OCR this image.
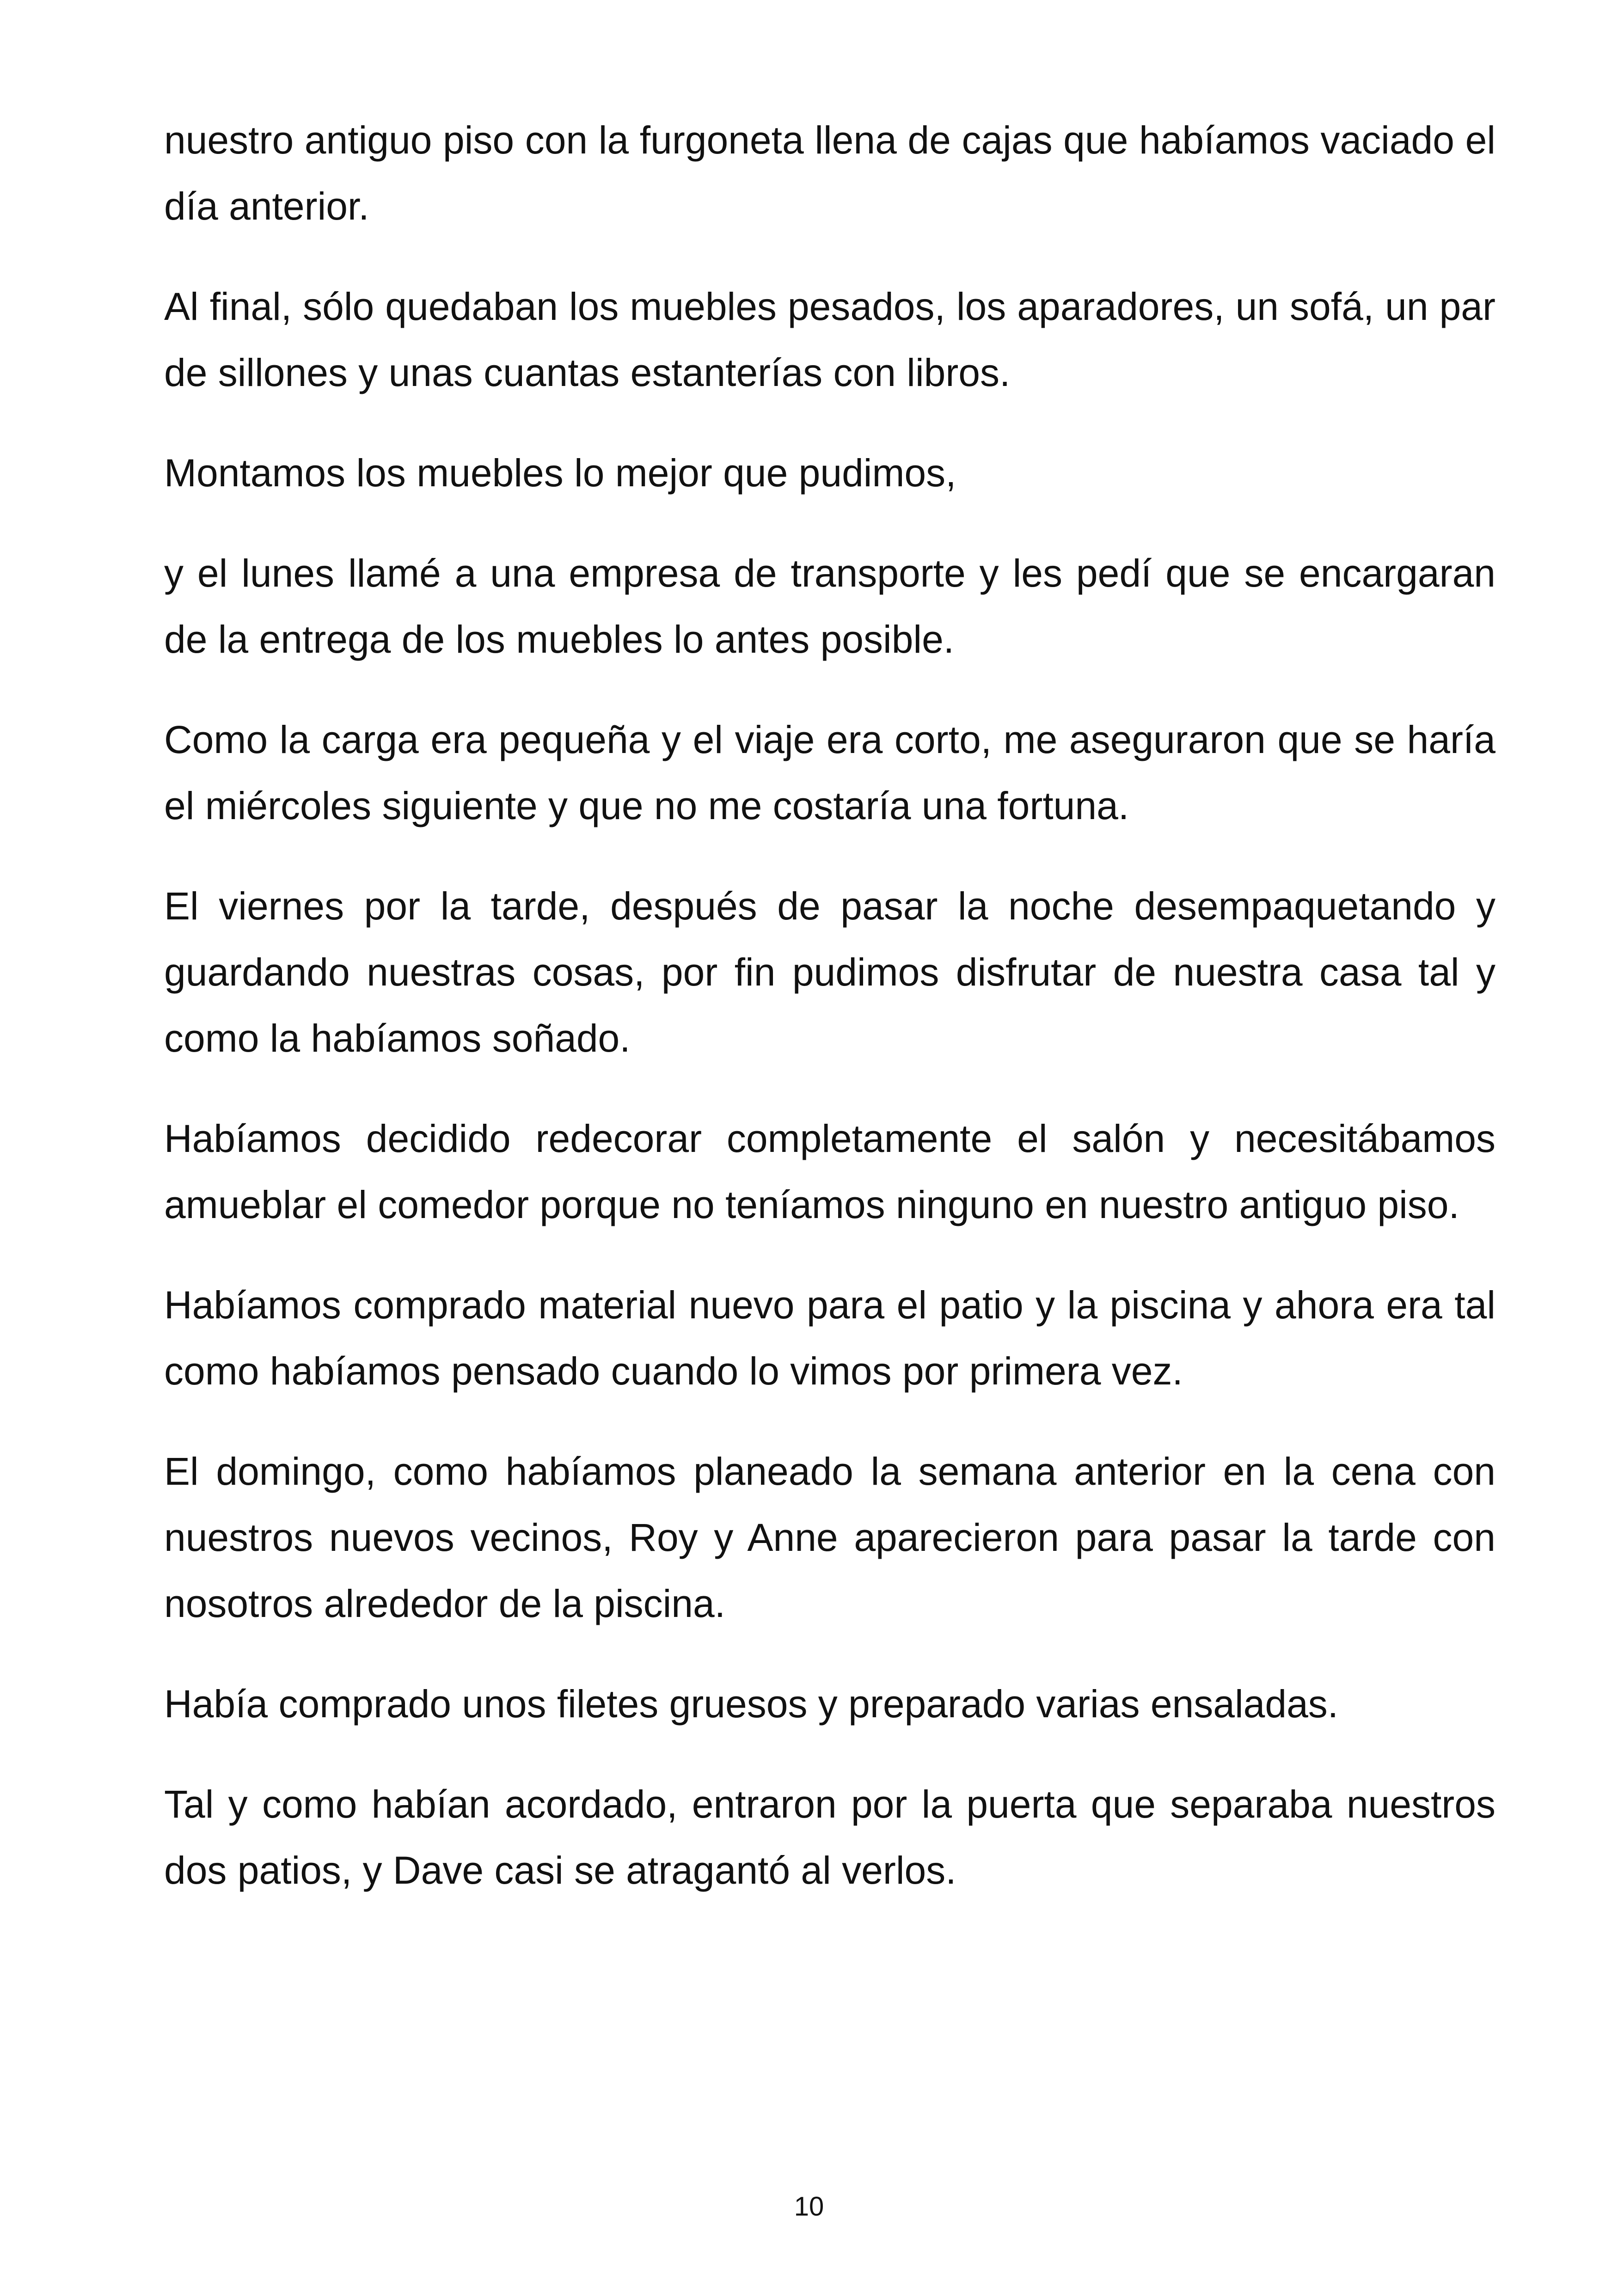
nuestro antiguo piso con la furgoneta llena de cajas que habíamos vaciado el día anterior.

Al final, sólo quedaban los muebles pesados, los aparadores, un sofá, un par de sillones y unas cuantas estanterías con libros.

Montamos los muebles lo mejor que pudimos,

y el lunes llamé a una empresa de transporte y les pedí que se encargaran de la entrega de los muebles lo antes posible.

Como la carga era pequeña y el viaje era corto, me aseguraron que se haría el miércoles siguiente y que no me costaría una fortuna.

El viernes por la tarde, después de pasar la noche desempaquetando y guardando nuestras cosas, por fin pudimos disfrutar de nuestra casa tal y como la habíamos soñado.

Habíamos decidido redecorar completamente el salón y necesitábamos amueblar el comedor porque no teníamos ninguno en nuestro antiguo piso.

Habíamos comprado material nuevo para el patio y la piscina y ahora era tal como habíamos pensado cuando lo vimos por primera vez.

El domingo, como habíamos planeado la semana anterior en la cena con nuestros nuevos vecinos, Roy y Anne aparecieron para pasar la tarde con nosotros alrededor de la piscina.

Había comprado unos filetes gruesos y preparado varias ensaladas.

Tal y como habían acordado, entraron por la puerta que separaba nuestros dos patios, y Dave casi se atragantó al verlos.

10
